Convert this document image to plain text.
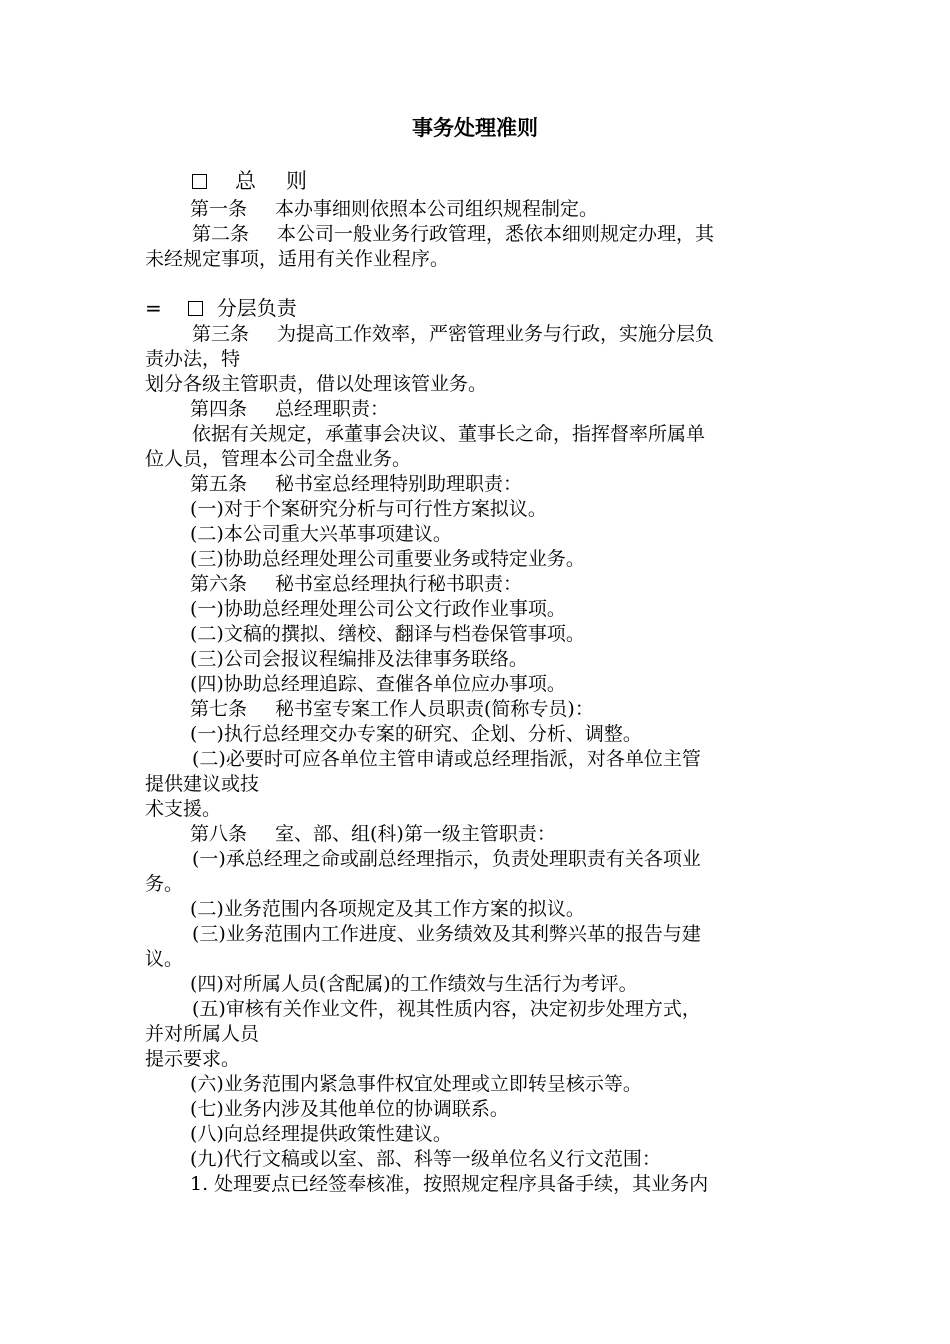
事务处理准则
总 则
第一条 本办事细则依照本公司组织规程制定。
第二条 本公司一般业务行政管理，悉依本细则规定办理，其
未经规定事项，适用有关作业程序。
=	分层负责
第三条 为提高工作效率，严密管理业务与行政，实施分层负
责办法，特
划分各级主管职责，借以处理该管业务。
第四条 总经理职责：
依据有关规定，承董事会决议、董事长之命，指挥督率所属单
位人员，管理本公司全盘业务。
第五条 秘书室总经理特别助理职责：
(一)对于个案研究分析与可行性方案拟议。
(二)本公司重大兴革事项建议。
(三)协助总经理处理公司重要业务或特定业务。
第六条 秘书室总经理执行秘书职责：
(一)协助总经理处理公司公文行政作业事项。
(二)文稿的撰拟、缮校、翻译与档卷保管事项。
(三)公司会报议程编排及法律事务联络。
(四)协助总经理追踪、查催各单位应办事项。
第七条 秘书室专案工作人员职责(简称专员)：
(一)执行总经理交办专案的研究、企划、分析、调整。
(二)必要时可应各单位主管申请或总经理指派，对各单位主管
提供建议或技
术支援。
第八条 室、部、组(科)第一级主管职责：
(一)承总经理之命或副总经理指示，负责处理职责有关各项业
务。
(二)业务范围内各项规定及其工作方案的拟议。
(三)业务范围内工作进度、业务绩效及其利弊兴革的报告与建
议。
(四)对所属人员(含配属)的工作绩效与生活行为考评。
(五)审核有关作业文件，视其性质内容，决定初步处理方式，
并对所属人员
提示要求。
(六)业务范围内紧急事件权宜处理或立即转呈核示等。
(七)业务内涉及其他单位的协调联系。
(八)向总经理提供政策性建议。
(九)代行文稿或以室、部、科等一级单位名义行文范围：
1. 处理要点已经签奉核准，按照规定程序具备手续，其业务内
